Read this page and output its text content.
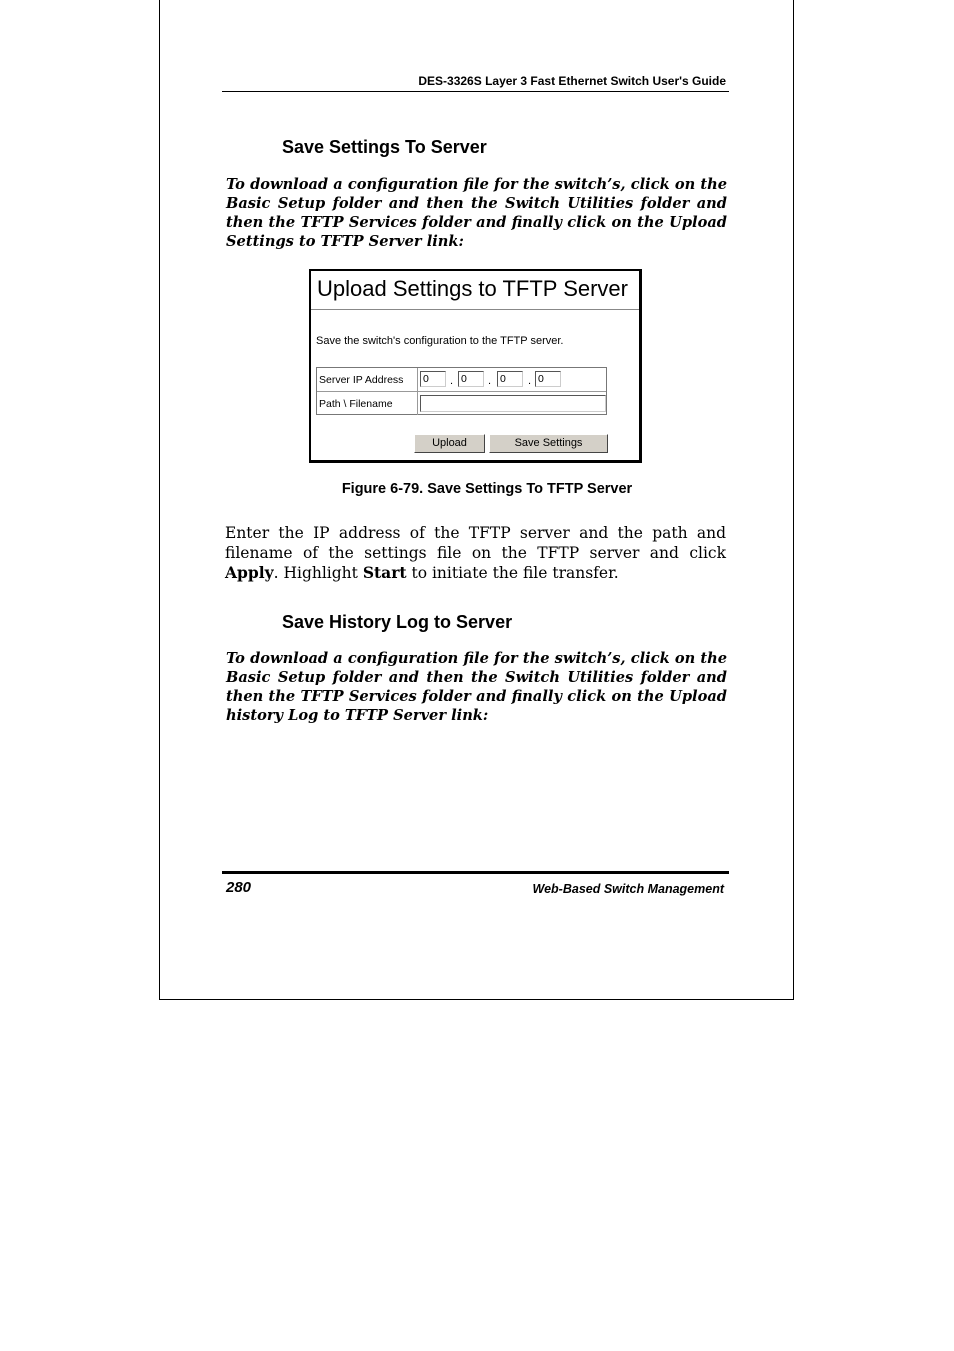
DES-3326S Layer 3 Fast Ethernet Switch User's Guide
Save Settings To Server
To download a configuration file for the switch’s, click on the Basic Setup folder and then the Switch Utilities folder and then the TFTP Services folder and finally click on the Upload Settings to TFTP Server link:
Upload Settings to TFTP Server
Save the switch's configuration to the TFTP server.
Server IP Address 0	. 0	. 0	. 0
Path \ Filename
Upload	Save Settings
Figure 6-79. Save Settings To TFTP Server
Enter the IP address of the TFTP server and the path and filename of the settings file on the TFTP server and click Apply. Highlight Start to initiate the file transfer.
Save History Log to Server
To download a configuration file for the switch’s, click on the Basic Setup folder and then the Switch Utilities folder and then the TFTP Services folder and finally click on the Upload history Log to TFTP Server link:
280	Web-Based Switch Management
